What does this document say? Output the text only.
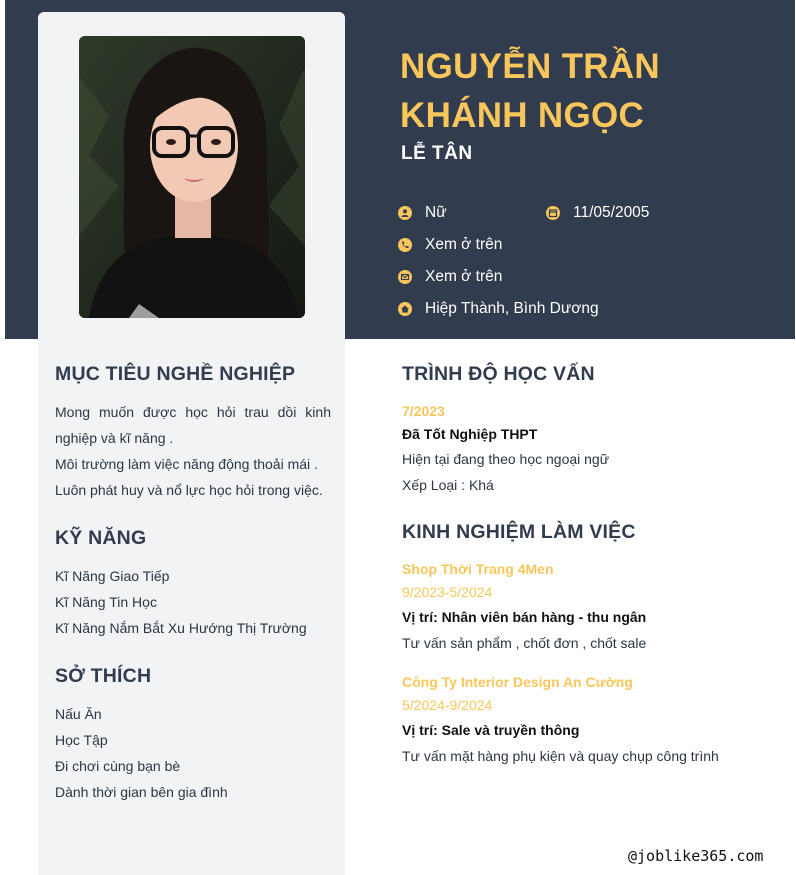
NGUYỄN TRẦN
KHÁNH NGỌC
LỄ TÂN
Nữ	11/05/2005
Xem ở trên
Xem ở trên
Hiệp Thành, Bình Dương
MỤC TIÊU NGHỀ NGHIỆP
Mong muốn được học hỏi trau dồi kinh nghiệp và kĩ năng .
Môi trường làm việc năng động thoải mái .
Luôn phát huy và nổ lực học hỏi trong việc.
KỸ NĂNG
Kĩ Năng Giao Tiếp
Kĩ Năng Tin Học
Kĩ Năng Nắm Bắt Xu Hướng Thị Trường
SỞ THÍCH
Nấu Ăn
Học Tập
Đi chơi cùng bạn bè
Dành thời gian bên gia đình
TRÌNH ĐỘ HỌC VẤN
7/2023
Đã Tốt Nghiệp THPT
Hiện tại đang theo học ngoại ngữ
Xếp Loại : Khá
KINH NGHIỆM LÀM VIỆC
Shop Thời Trang 4Men
9/2023-5/2024
Vị trí: Nhân viên bán hàng - thu ngân
Tư vấn sản phẩm , chốt đơn , chốt sale
Công Ty Interior Design An Cường
5/2024-9/2024
Vị trí: Sale và truyền thông
Tư vấn mặt hàng phụ kiện và quay chụp công trình
@joblike365.com
